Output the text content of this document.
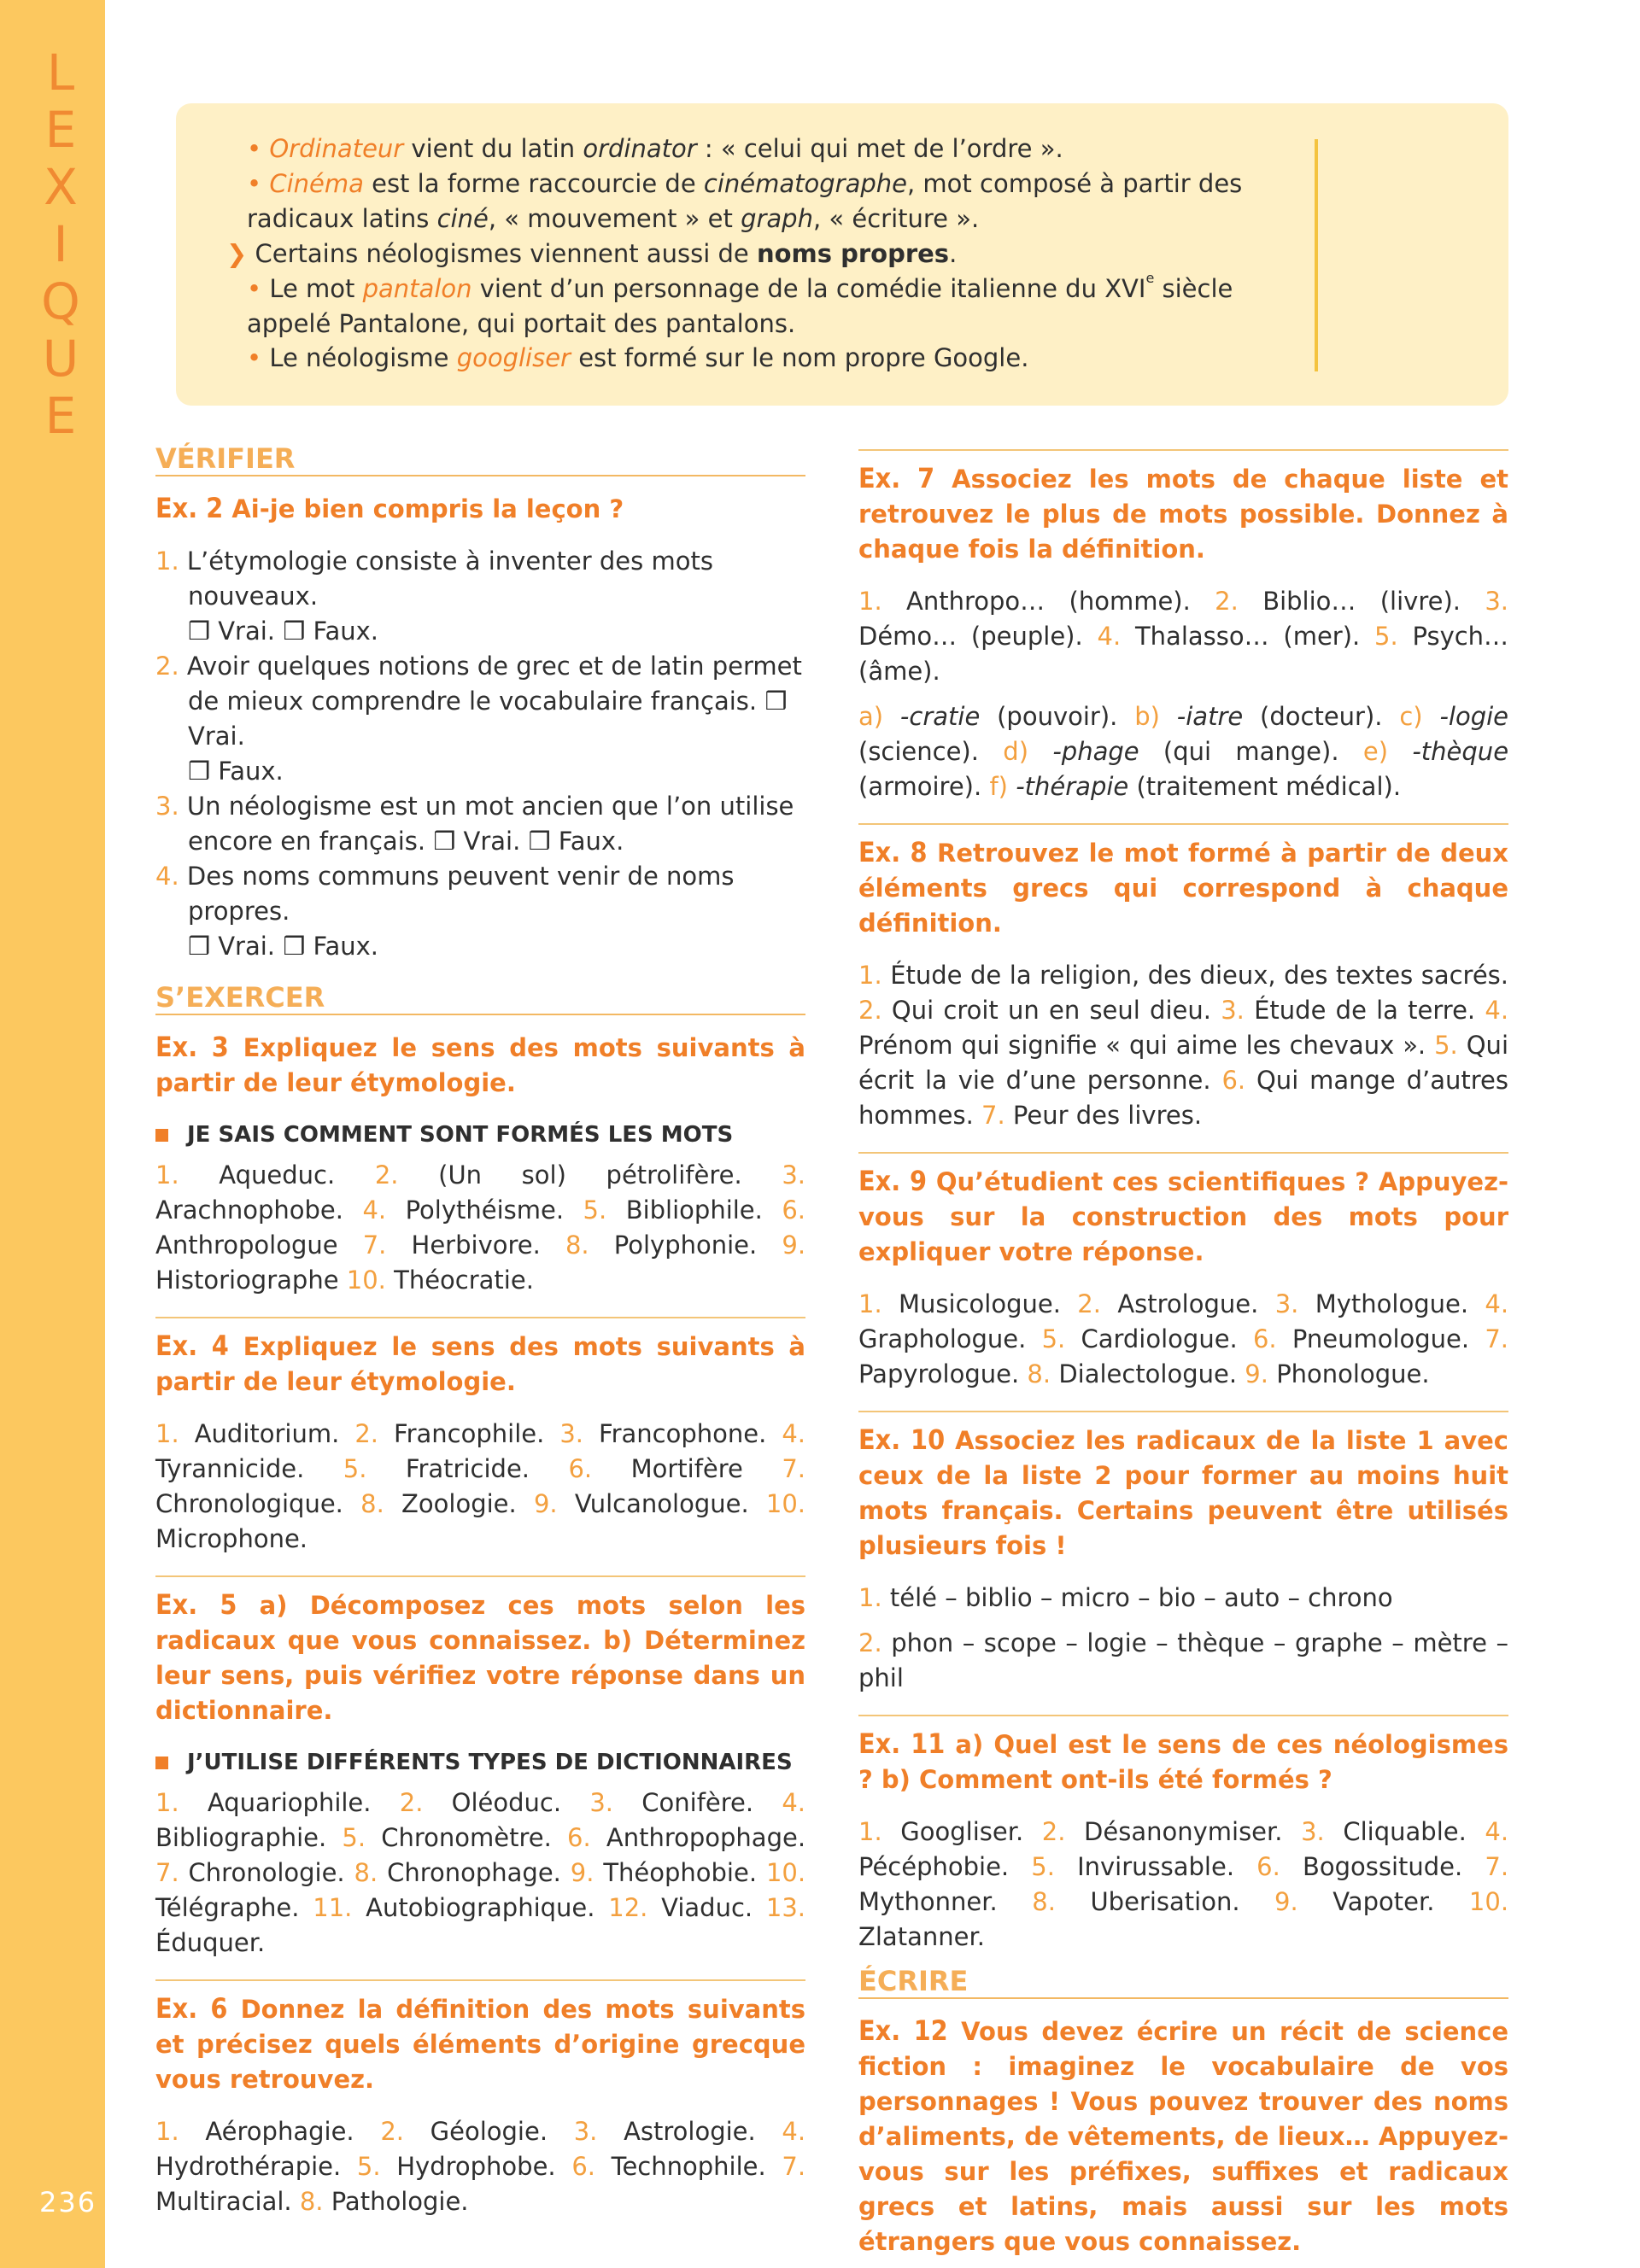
L
E
X
I
Q
U
E
236

• Ordinateur vient du latin ordinator : « celui qui met de l’ordre ».

• Cinéma est la forme raccourcie de cinématographe, mot composé à partir des radicaux latins ciné, « mouvement » et graph, « écriture ».

❯ Certains néologismes viennent aussi de noms propres.

• Le mot pantalon vient d’un personnage de la comédie italienne du XVIe siècle appelé Pantalone, qui portait des pantalons.

• Le néologisme googliser est formé sur le nom propre Google.

VÉRIFIER
Ex. 2 Ai-je bien compris la leçon ?
1. L’étymologie consiste à inventer des mots nouveaux.
❒ Vrai. ❒ Faux.
2. Avoir quelques notions de grec et de latin permet de mieux comprendre le vocabulaire français. ❒ Vrai.
❒ Faux.
3. Un néologisme est un mot ancien que l’on utilise encore en français. ❒ Vrai. ❒ Faux.
4. Des noms communs peuvent venir de noms propres.
❒ Vrai. ❒ Faux.
S’EXERCER
Ex. 3 Expliquez le sens des mots suivants à partir de leur étymologie.
JE SAIS COMMENT SONT FORMÉS LES MOTS

1. Aqueduc. 2. (Un sol) pétrolifère. 3. Arachnophobe. 4. Polythéisme. 5. Bibliophile. 6. Anthropologue 7. Herbivore. 8. Polyphonie. 9. Historiographe 10. Théocratie.

Ex. 4 Expliquez le sens des mots suivants à partir de leur étymologie.

1. Auditorium. 2. Francophile. 3. Francophone. 4. Tyrannicide. 5. Fratricide. 6. Mortifère 7. Chronologique. 8. Zoologie. 9. Vulcanologue. 10. Microphone.

Ex. 5 a) Décomposez ces mots selon les radicaux que vous connaissez. b) Déterminez leur sens, puis vérifiez votre réponse dans un dictionnaire.
J’UTILISE DIFFÉRENTS TYPES DE DICTIONNAIRES

1. Aquariophile. 2. Oléoduc. 3. Conifère. 4. Bibliographie. 5. Chronomètre. 6. Anthropophage. 7. Chronologie. 8. Chronophage. 9. Théophobie. 10. Télégraphe. 11. Autobiographique. 12. Viaduc. 13. Éduquer.

Ex. 6 Donnez la définition des mots suivants et précisez quels éléments d’origine grecque vous retrouvez.

1. Aérophagie. 2. Géologie. 3. Astrologie. 4. Hydrothérapie. 5. Hydrophobe. 6. Technophile. 7. Multiracial. 8. Pathologie.

Ex. 7 Associez les mots de chaque liste et retrouvez le plus de mots possible. Donnez à chaque fois la définition.

1. Anthropo… (homme). 2. Biblio… (livre). 3. Démo… (peuple). 4. Thalasso… (mer). 5. Psych… (âme).

a) -cratie (pouvoir). b) -iatre (docteur). c) -logie (science). d) -phage (qui mange). e) -thèque (armoire). f) -thérapie (traitement médical).

Ex. 8 Retrouvez le mot formé à partir de deux éléments grecs qui correspond à chaque définition.

1. Étude de la religion, des dieux, des textes sacrés. 2. Qui croit un en seul dieu. 3. Étude de la terre. 4. Prénom qui signifie « qui aime les chevaux ». 5. Qui écrit la vie d’une personne. 6. Qui mange d’autres hommes. 7. Peur des livres.

Ex. 9 Qu’étudient ces scientifiques ? Appuyez-vous sur la construction des mots pour expliquer votre réponse.

1. Musicologue. 2. Astrologue. 3. Mythologue. 4. Graphologue. 5. Cardiologue. 6. Pneumologue. 7. Papyrologue. 8. Dialectologue. 9. Phonologue.

Ex. 10 Associez les radicaux de la liste 1 avec ceux de la liste 2 pour former au moins huit mots français. Certains peuvent être utilisés plusieurs fois !

1. télé – biblio – micro – bio – auto – chrono

2. phon – scope – logie – thèque – graphe – mètre – phil

Ex. 11 a) Quel est le sens de ces néologismes ? b) Comment ont-ils été formés ?

1. Googliser. 2. Désanonymiser. 3. Cliquable. 4. Pécéphobie. 5. Invirussable. 6. Bogossitude. 7. Mythonner. 8. Uberisation. 9. Vapoter. 10. Zlatanner.

ÉCRIRE

Ex. 12 Vous devez écrire un récit de science fiction : imaginez le vocabulaire de vos personnages ! Vous pouvez trouver des noms d’aliments, de vêtements, de lieux… Appuyez-vous sur les préfixes, suffixes et radicaux grecs et latins, mais aussi sur les mots étrangers que vous connaissez.
